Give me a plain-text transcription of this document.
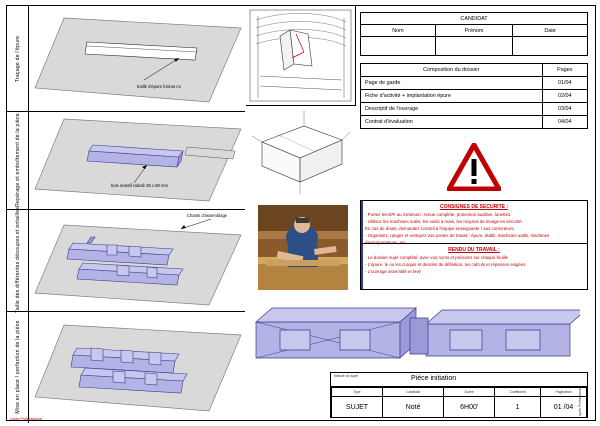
Traçage de l'épure
traillé d'épure format A1
Repérage et emboîtement de la pièce	bois massif rabotè 35 x 60 mm
Taille des différentes découpes et entailles	Chants d'assemblage
Mise en place / perfection de la pièce
CANDIDAT		
Nom	Prénom	Date

Composition du dossier	Pages
Page de garde	01/04
Fiche d'activité + implantation épure	02/04
Descriptif de l'ouvrage	03/04
Contrat d'évaluation	04/04
CONSIGNES DE SECURITE :
- Portez les EPI au minimum : tenue complète, protection auditive, lunettes.
- Utilisez les machines outils, les outils à main, les moyens de levage en sécurité.
En cas de doute, demandez conseil à l'équipe enseignante / aux correcteurs.
- Organisez, rangez et nettoyez vos postes de travail : épure, établi, machines outils, machines électroportatives, etc ...
RENDU DU TRAVAIL :
- Le dossier sujet complété, avec vos noms et prénoms sur chaque feuille
- L'épure, le ou les croquis et dessins de définition, les calculs et réponses exigées
- L'ouvrage assemblé et levé
Intitulé du sujet	Pièce initiation
Type	Candidat	Durée	Coefficient	Pagination
SUJET	Noté	6H00'	1	01 /04 Lycée Professionnel
Lycée Professionnel
